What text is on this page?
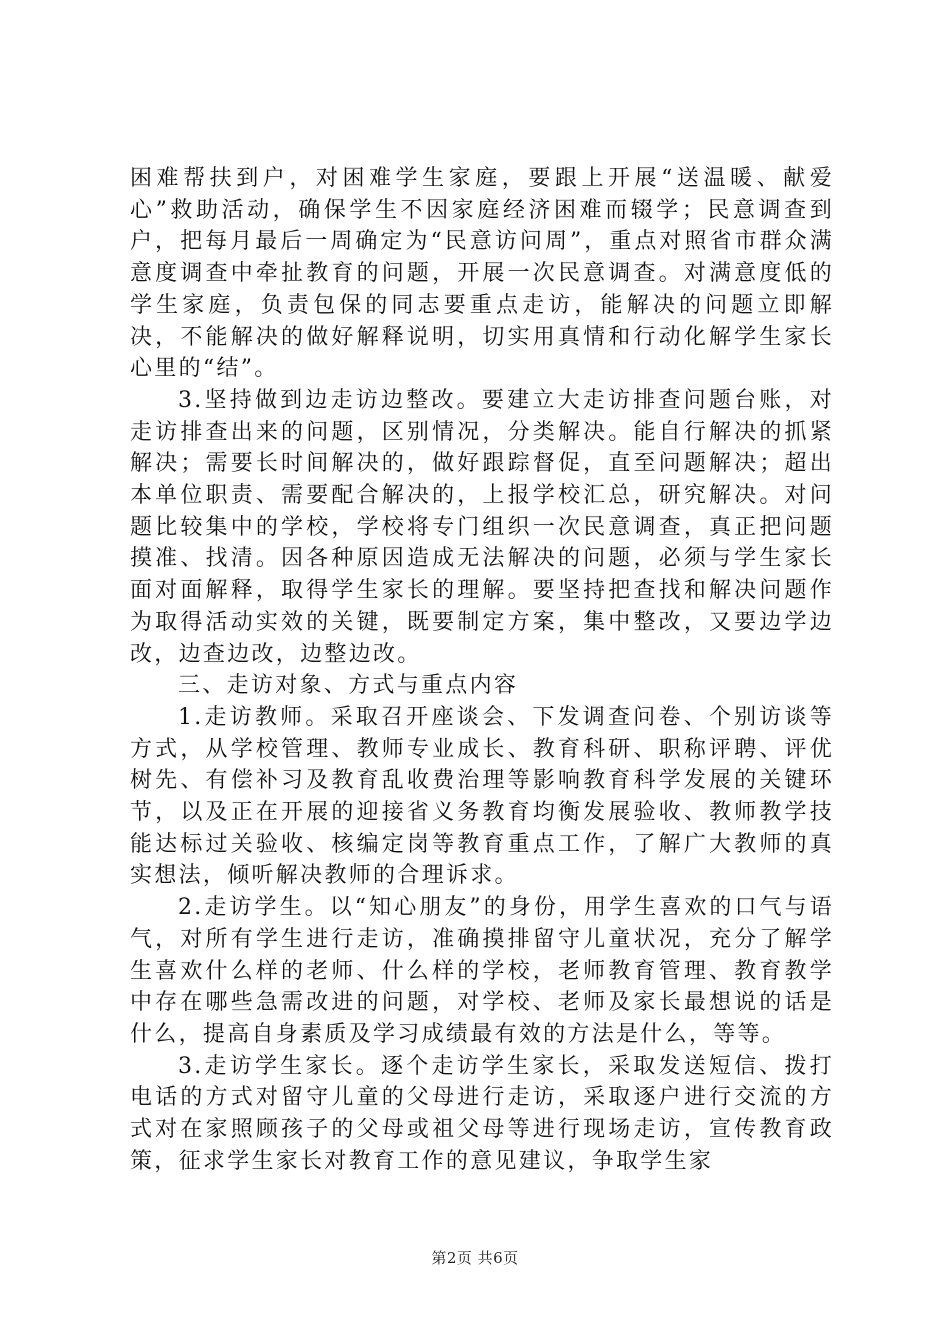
困难帮扶到户，对困难学生家庭，要跟上开展“送温暖、献爱心”救助活动，确保学生不因家庭经济困难而辍学；民意调查到户，把每月最后一周确定为“民意访问周”，重点对照省市群众满意度调查中牵扯教育的问题，开展一次民意调查。对满意度低的学生家庭，负责包保的同志要重点走访，能解决的问题立即解决，不能解决的做好解释说明，切实用真情和行动化解学生家长心里的“结”。

3.坚持做到边走访边整改。要建立大走访排查问题台账，对走访排查出来的问题，区别情况，分类解决。能自行解决的抓紧解决；需要长时间解决的，做好跟踪督促，直至问题解决；超出本单位职责、需要配合解决的，上报学校汇总，研究解决。对问题比较集中的学校，学校将专门组织一次民意调查，真正把问题摸准、找清。因各种原因造成无法解决的问题，必须与学生家长面对面解释，取得学生家长的理解。要坚持把查找和解决问题作为取得活动实效的关键，既要制定方案，集中整改，又要边学边改，边查边改，边整边改。

三、走访对象、方式与重点内容

1.走访教师。采取召开座谈会、下发调查问卷、个别访谈等方式，从学校管理、教师专业成长、教育科研、职称评聘、评优树先、有偿补习及教育乱收费治理等影响教育科学发展的关键环节，以及正在开展的迎接省义务教育均衡发展验收、教师教学技能达标过关验收、核编定岗等教育重点工作，了解广大教师的真实想法，倾听解决教师的合理诉求。

2.走访学生。以“知心朋友”的身份，用学生喜欢的口气与语气，对所有学生进行走访，准确摸排留守儿童状况，充分了解学生喜欢什么样的老师、什么样的学校，老师教育管理、教育教学中存在哪些急需改进的问题，对学校、老师及家长最想说的话是什么，提高自身素质及学习成绩最有效的方法是什么，等等。

3.走访学生家长。逐个走访学生家长，采取发送短信、拨打电话的方式对留守儿童的父母进行走访，采取逐户进行交流的方式对在家照顾孩子的父母或祖父母等进行现场走访，宣传教育政策，征求学生家长对教育工作的意见建议，争取学生家

第2页 共6页
